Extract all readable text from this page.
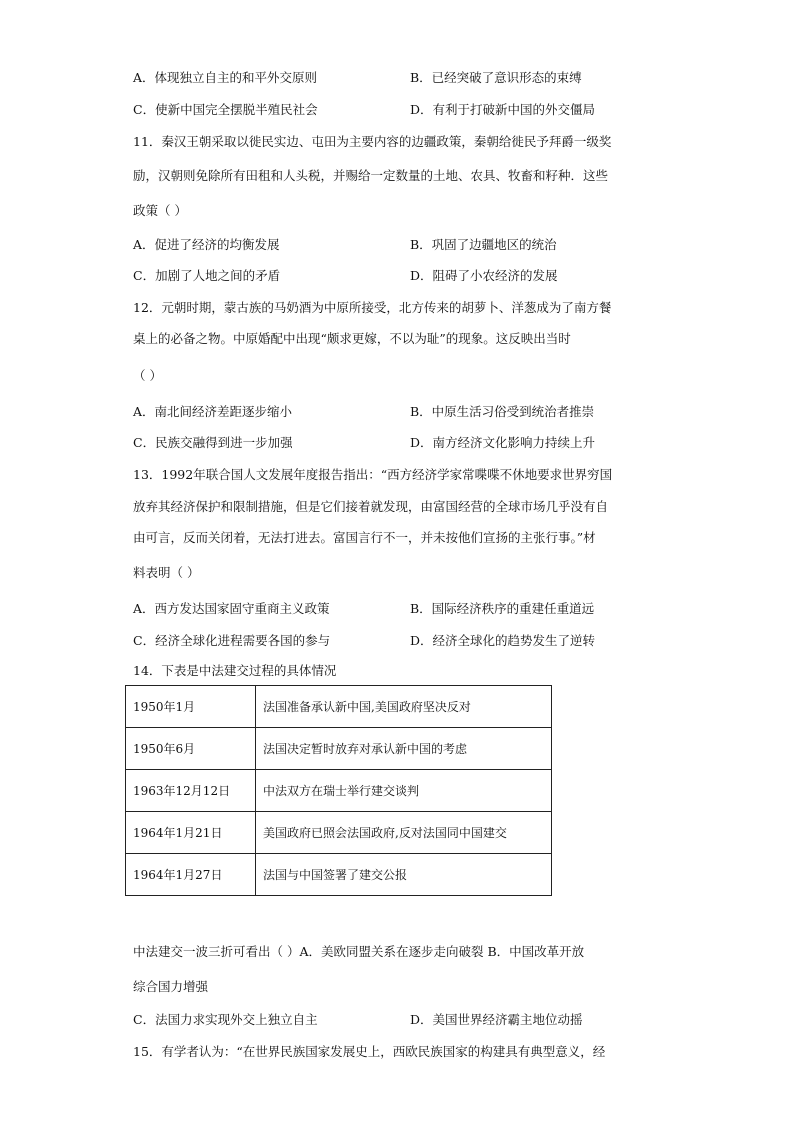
A．体现独立自主的和平外交原则	B．已经突破了意识形态的束缚
C．使新中国完全摆脱半殖民社会	D．有利于打破新中国的外交僵局
11．秦汉王朝采取以徙民实边、屯田为主要内容的边疆政策，秦朝给徙民予拜爵一级奖
励，汉朝则免除所有田租和人头税，并赐给一定数量的土地、农具、牧畜和籽种．这些
政策（ ）
A．促进了经济的均衡发展	B．巩固了边疆地区的统治
C．加剧了人地之间的矛盾	D．阻碍了小农经济的发展
12．元朝时期，蒙古族的马奶酒为中原所接受，北方传来的胡萝卜、洋葱成为了南方餐
桌上的必备之物。中原婚配中出现“颇求更嫁，不以为耻”的现象。这反映出当时
（ ）
A．南北间经济差距逐步缩小	B．中原生活习俗受到统治者推崇
C．民族交融得到进一步加强	D．南方经济文化影响力持续上升
13．1992年联合国人文发展年度报告指出：“西方经济学家常喋喋不休地要求世界穷国
放弃其经济保护和限制措施，但是它们接着就发现，由富国经营的全球市场几乎没有自
由可言，反而关闭着，无法打进去。富国言行不一，并未按他们宣扬的主张行事。”材
料表明（ ）
A．西方发达国家固守重商主义政策	B．国际经济秩序的重建任重道远
C．经济全球化进程需要各国的参与	D．经济全球化的趋势发生了逆转
14．下表是中法建交过程的具体情况
1950年1月	法国准备承认新中国,美国政府坚决反对
1950年6月	法国决定暂时放弃对承认新中国的考虑
1963年12月12日	中法双方在瑞士举行建交谈判
1964年1月21日	美国政府已照会法国政府,反对法国同中国建交
1964年1月27日	法国与中国签署了建交公报
中法建交一波三折可看出（ ）A．美欧同盟关系在逐步走向破裂 B．中国改革开放
综合国力增强
C．法国力求实现外交上独立自主	D．美国世界经济霸主地位动摇
15．有学者认为：“在世界民族国家发展史上，西欧民族国家的构建具有典型意义，经
